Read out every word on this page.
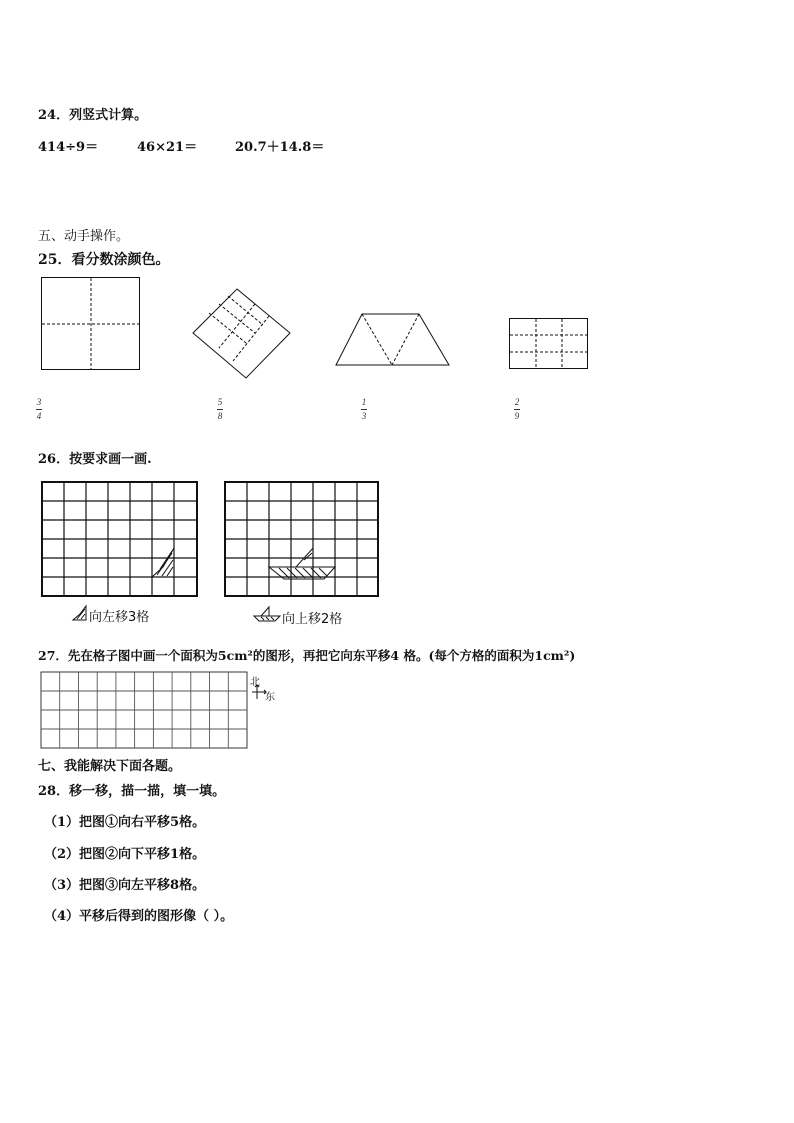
24．列竖式计算。
414÷9＝	46×21＝	20.7＋14.8＝
五、动手操作。
25．看分数涂颜色。
3
4
5
8
1
3
2
9
26．按要求画一画.
向左移3格	向上移2格
27．先在格子图中画一个面积为5cm²的图形，再把它向东平移4 格。(每个方格的面积为1cm²)
北
东
七、我能解决下面各题。
28．移一移，描一描，填一填。
（1）把图①向右平移5格。
（2）把图②向下平移1格。
（3）把图③向左平移8格。
（4）平移后得到的图形像（ ）。
